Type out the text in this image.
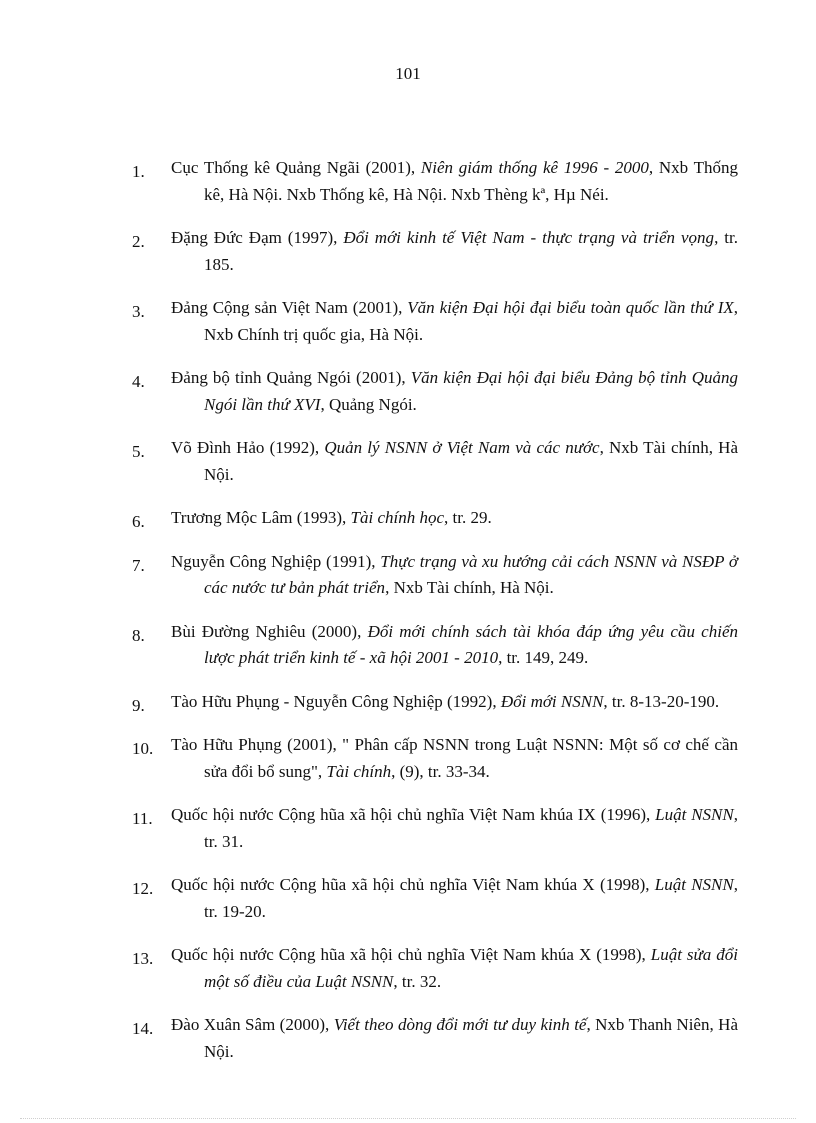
101

1. Cục Thống kê Quảng Ngãi (2001), Niên giám thống kê 1996 - 2000, Nxb Thống kê, Hà Nội. Nxb Thống kê, Hà Nội. Nxb Thèng kª, Hµ Néi.

2. Đặng Đức Đạm (1997), Đổi mới kinh tế Việt Nam - thực trạng và triển vọng, tr. 185.

3. Đảng Cộng sản Việt Nam (2001), Văn kiện Đại hội đại biểu toàn quốc lần thứ IX, Nxb Chính trị quốc gia, Hà Nội.

4. Đảng bộ tỉnh Quảng Ngói (2001), Văn kiện Đại hội đại biểu Đảng bộ tỉnh Quảng Ngói lần thứ XVI, Quảng Ngói.

5. Võ Đình Hảo (1992), Quản lý NSNN ở Việt Nam và các nước, Nxb Tài chính, Hà Nội.

6. Trương Mộc Lâm (1993), Tài chính học, tr. 29.

7. Nguyễn Công Nghiệp (1991), Thực trạng và xu hướng cải cách NSNN và NSĐP ở các nước tư bản phát triển, Nxb Tài chính, Hà Nội.

8. Bùi Đường Nghiêu (2000), Đổi mới chính sách tài khóa đáp ứng yêu cầu chiến lược phát triển kinh tế - xã hội 2001 - 2010, tr. 149, 249.

9. Tào Hữu Phụng - Nguyễn Công Nghiệp (1992), Đổi mới NSNN, tr. 8-13-20-190.

10. Tào Hữu Phụng (2001), " Phân cấp NSNN trong Luật NSNN: Một số cơ chế cần sửa đổi bổ sung", Tài chính, (9), tr. 33-34.

11. Quốc hội nước Cộng hũa xã hội chủ nghĩa Việt Nam khúa IX (1996), Luật NSNN, tr. 31.

12. Quốc hội nước Cộng hũa xã hội chủ nghĩa Việt Nam khúa X (1998), Luật NSNN, tr. 19-20.

13. Quốc hội nước Cộng hũa xã hội chủ nghĩa Việt Nam khúa X (1998), Luật sửa đổi một số điều của Luật NSNN, tr. 32.

14. Đào Xuân Sâm (2000), Viết theo dòng đổi mới tư duy kinh tế, Nxb Thanh Niên, Hà Nội.
